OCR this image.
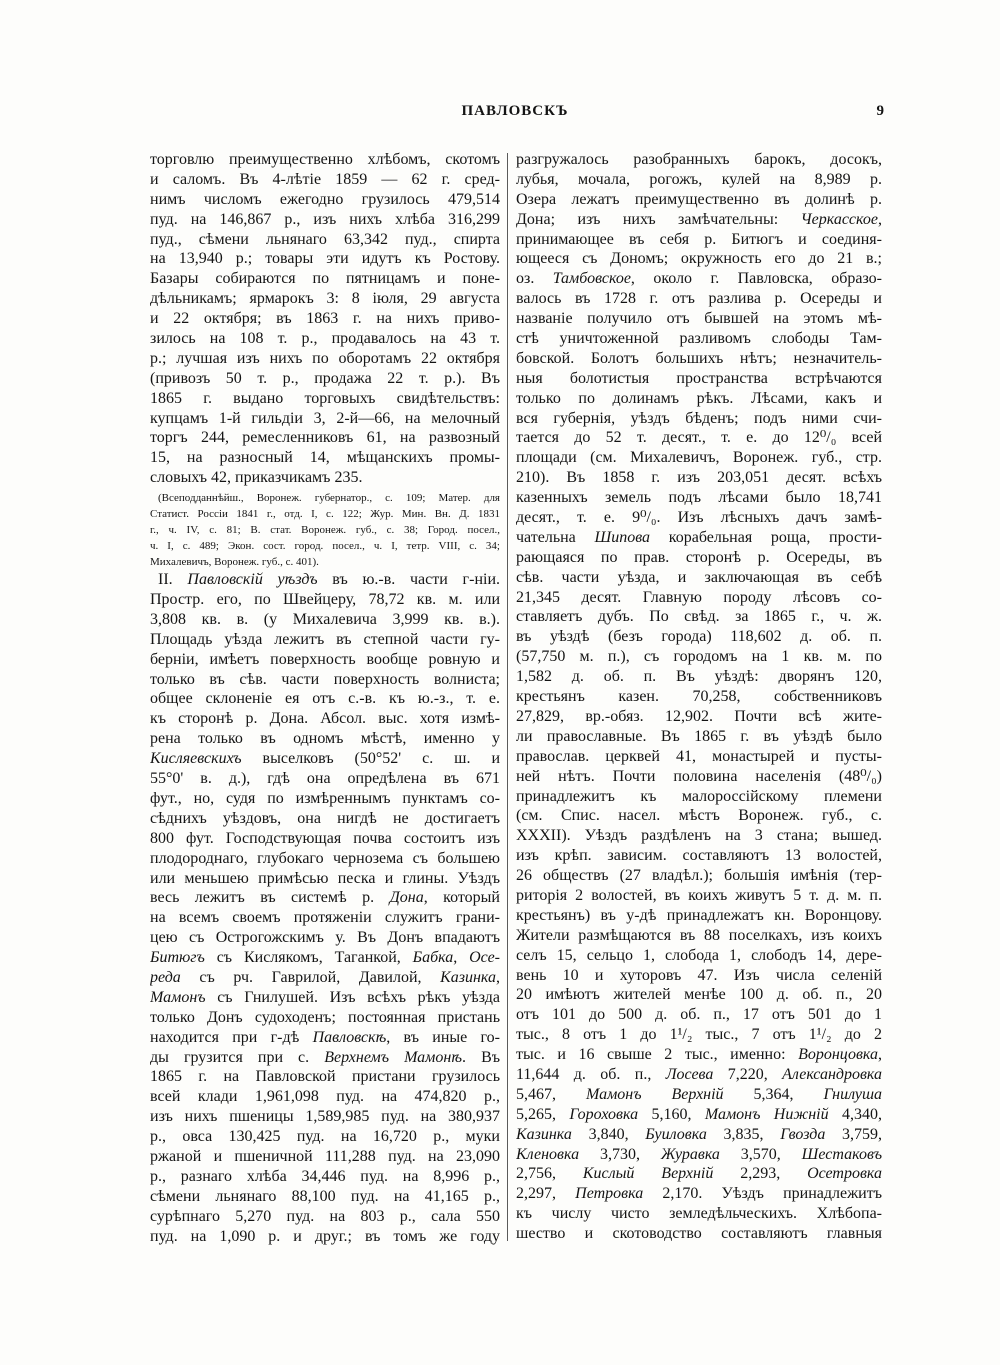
ПАВЛОВСКЪ	9
торговлю преимущественно хлѣбомъ, скотомъ
и саломъ. Въ 4-лѣтіе 1859 — 62 г. сред-
нимъ числомъ ежегодно грузилось 479,514
пуд. на 146,867 р., изъ нихъ хлѣба 316,299
пуд., сѣмени льнянаго 63,342 пуд., спирта
на 13,940 р.; товары эти идутъ къ Ростову.
Базары собираются по пятницамъ и поне-
дѣльникамъ; ярмарокъ 3: 8 іюля, 29 августа
и 22 октября; въ 1863 г. на нихъ приво-
зилось на 108 т. р., продавалось на 43 т.
р.; лучшая изъ нихъ по оборотамъ 22 октября
(привозъ 50 т. р., продажа 22 т. р.). Въ
1865 г. выдано торговыхъ свидѣтельствъ:
купцамъ 1-й гильдіи 3, 2-й—66, на мелочный
торгъ 244, ремесленниковъ 61, на развозный
15, на разносный 14, мѣщанскихъ промы-
словыхъ 42, приказчикамъ 235.
(Всеподданнѣйш., Воронеж. губернатор., с. 109; Матер. для
Статист. Россіи 1841 г., отд. I, с. 122; Жур. Мин. Вн. Д. 1831
г., ч. IV, с. 81; В. стат. Воронеж. губ., с. 38; Город. посел.,
ч. I, с. 489; Экон. сост. город. посел., ч. I, тетр. VIII, с. 34;
Михалевичъ, Воронеж. губ., с. 401).
II. Павловскій уѣздъ въ ю.-в. части г-ніи.
Простр. его, по Швейцеру, 78,72 кв. м. или
3,808 кв. в. (у Михалевича 3,999 кв. в.).
Площадь уѣзда лежитъ въ степной части гу-
берніи, имѣетъ поверхность вообще ровную и
только въ сѣв. части поверхность волниста;
общее склоненіе ея отъ с.-в. къ ю.-з., т. е.
къ сторонѣ р. Дона. Абсол. выс. хотя измѣ-
рена только въ одномъ мѣстѣ, именно у
Кисляевскихъ выселковъ (50°52' с. ш. и
55°0' в. д.), гдѣ она опредѣлена въ 671
фут., но, судя по измѣреннымъ пунктамъ со-
сѣднихъ уѣздовъ, она нигдѣ не достигаетъ
800 фут. Господствующая почва состоитъ изъ
плодороднаго, глубокаго чернозема съ большею
или меньшею примѣсью песка и глины. Уѣздъ
весь лежитъ въ системѣ р. Дона, который
на всемъ своемъ протяженіи служитъ грани-
цею съ Острогожскимъ у. Въ Донъ впадаютъ
Битюгъ съ Кислякомъ, Таганкой, Бабка, Осе-
реда съ рч. Гаврилой, Давилой, Казинка,
Мамонъ съ Гнилушей. Изъ всѣхъ рѣкъ уѣзда
только Донъ судоходенъ; постоянная пристань
находится при г-дѣ Павловскѣ, въ иные го-
ды грузится при с. Верхнемъ Мамонѣ. Въ
1865 г. на Павловской пристани грузилось
всей клади 1,961,098 пуд. на 474,820 р.,
изъ нихъ пшеницы 1,589,985 пуд. на 380,937
р., овса 130,425 пуд. на 16,720 р., муки
ржаной и пшеничной 111,288 пуд. на 23,090
р., разнаго хлѣба 34,446 пуд. на 8,996 р.,
сѣмени льнянаго 88,100 пуд. на 41,165 р.,
сурѣпнаго 5,270 пуд. на 803 р., сала 550
пуд. на 1,090 р. и друг.; въ томъ же году
разгружалось разобранныхъ барокъ, досокъ,
лубья, мочала, рогожъ, кулей на 8,989 р.
Озера лежатъ преимущественно въ долинѣ р.
Дона; изъ нихъ замѣчательны: Черкасское,
принимающее въ себя р. Битюгъ и соединя-
ющееся съ Дономъ; окружность его до 21 в.;
оз. Тамбовское, около г. Павловска, образо-
валось въ 1728 г. отъ разлива р. Осереды и
названіе получило отъ бывшей на этомъ мѣ-
стѣ уничтоженной разливомъ слободы Там-
бовской. Болотъ большихъ нѣтъ; незначитель-
ныя болотистыя пространства встрѣчаются
только по долинамъ рѣкъ. Лѣсами, какъ и
вся губернія, уѣздъ бѣденъ; подъ ними счи-
тается до 52 т. десят., т. е. до 12⁰/₀ всей
площади (см. Михалевичъ, Воронеж. губ., стр.
210). Въ 1858 г. изъ 203,051 десят. всѣхъ
казенныхъ земель подъ лѣсами было 18,741
десят., т. е. 9⁰/₀. Изъ лѣсныхъ дачъ замѣ-
чательна Шипова корабельная роща, прости-
рающаяся по прав. сторонѣ р. Осереды, въ
сѣв. части уѣзда, и заключающая въ себѣ
21,345 десят. Главную породу лѣсовъ со-
ставляетъ дубъ. По свѣд. за 1865 г., ч. ж.
въ уѣздѣ (безъ города) 118,602 д. об. п.
(57,750 м. п.), съ городомъ на 1 кв. м. по
1,582 д. об. п. Въ уѣздѣ: дворянъ 120,
крестьянъ казен. 70,258, собственниковъ
27,829, вр.-обяз. 12,902. Почти всѣ жите-
ли православные. Въ 1865 г. въ уѣздѣ было
православ. церквей 41, монастырей и пусты-
ней нѣтъ. Почти половина населенія (48⁰/₀)
принадлежитъ къ малороссійскому племени
(см. Спис. насел. мѣстъ Воронеж. губ., с.
XXXII). Уѣздъ раздѣленъ на 3 стана; вышед.
изъ крѣп. зависим. составляютъ 13 волостей,
26 обществъ (27 владѣл.); большія имѣнія (тер-
риторія 2 волостей, въ коихъ живутъ 5 т. д. м. п.
крестьянъ) въ у-дѣ принадлежатъ кн. Воронцову.
Жители размѣщаются въ 88 поселкахъ, изъ коихъ
селъ 15, сельцо 1, слобода 1, слободъ 14, дере-
вень 10 и хуторовъ 47. Изъ числа селеній
20 имѣютъ жителей менѣе 100 д. об. п., 20
отъ 101 до 500 д. об. п., 17 отъ 501 до 1
тыс., 8 отъ 1 до 1¹/₂ тыс., 7 отъ 1¹/₂ до 2
тыс. и 16 свыше 2 тыс., именно: Воронцовка,
11,644 д. об. п., Лосева 7,220, Александровка
5,467, Мамонъ Верхній 5,364, Гнилуша
5,265, Гороховка 5,160, Мамонъ Нижній 4,340,
Казинка 3,840, Буиловка 3,835, Гвозда 3,759,
Кленовка 3,730, Журавка 3,570, Шестаковъ
2,756, Кислый Верхній 2,293, Осетровка
2,297, Петровка 2,170. Уѣздъ принадлежитъ
къ числу чисто земледѣльческихъ. Хлѣбопа-
шество и скотоводство составляютъ главныя
